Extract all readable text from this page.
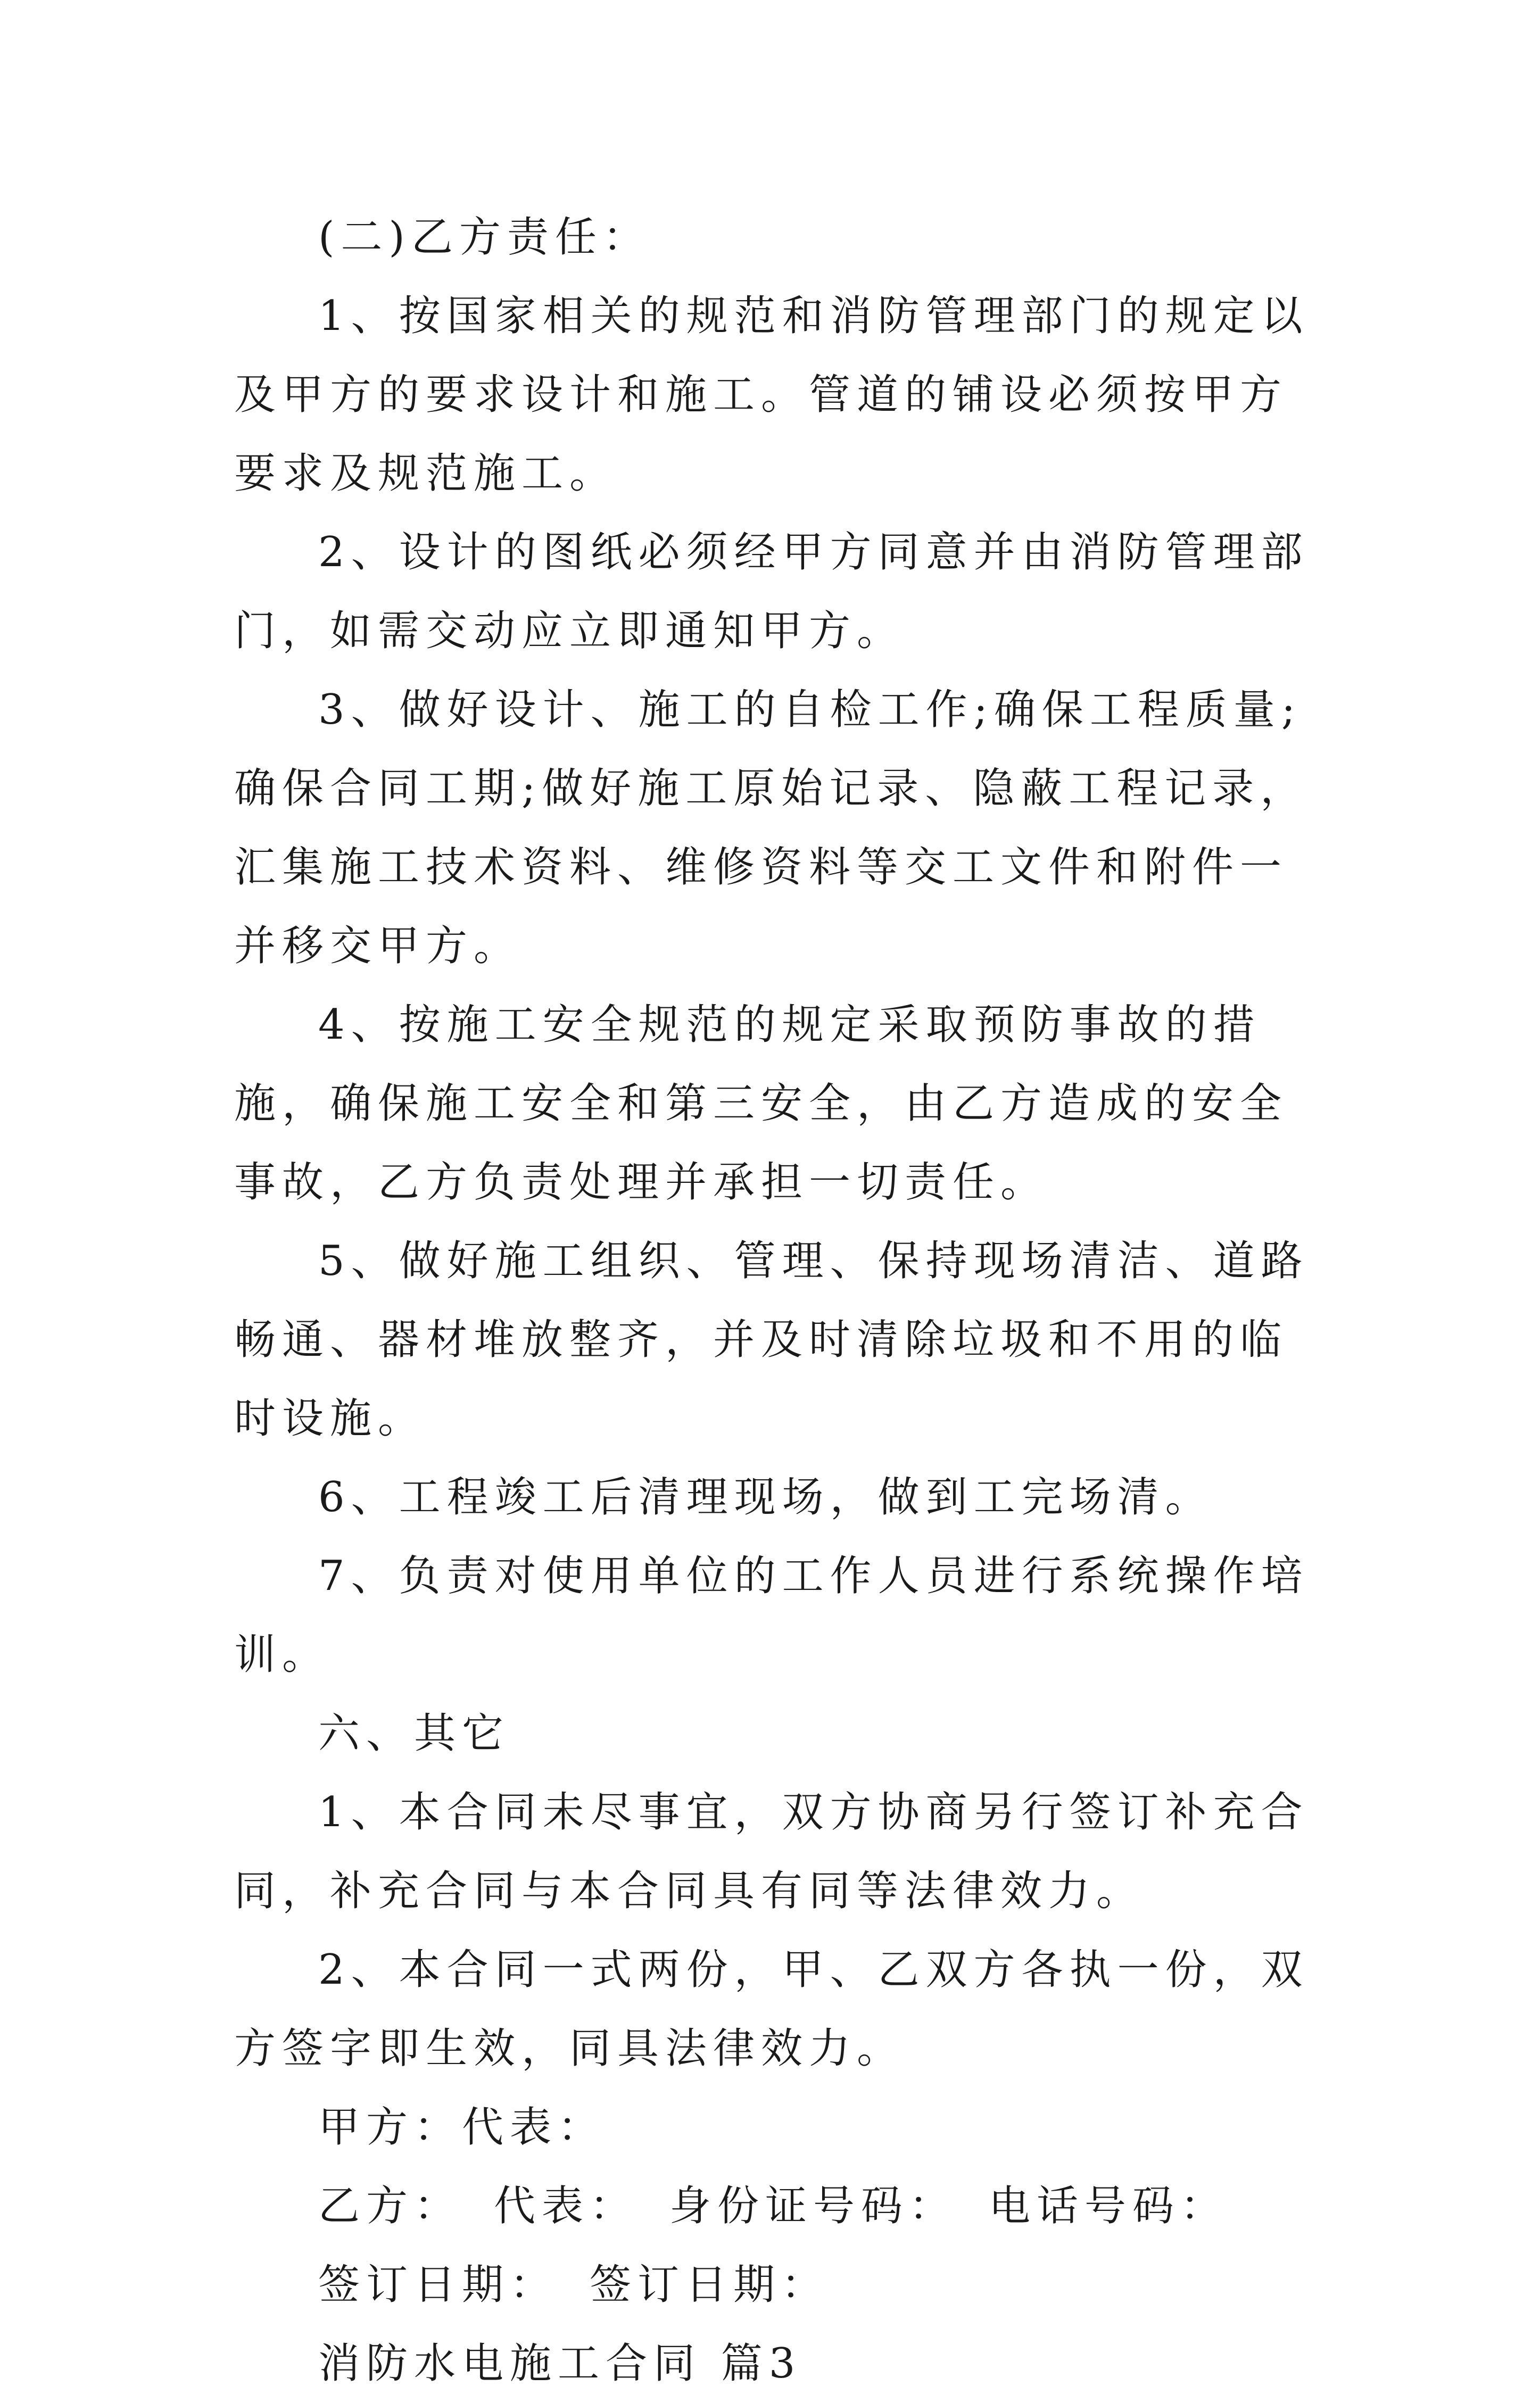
(二)乙方责任：

1、按国家相关的规范和消防管理部门的规定以及甲方的要求设计和施工。管道的铺设必须按甲方要求及规范施工。

2、设计的图纸必须经甲方同意并由消防管理部门，如需交动应立即通知甲方。

3、做好设计、施工的自检工作;确保工程质量;确保合同工期;做好施工原始记录、隐蔽工程记录，汇集施工技术资料、维修资料等交工文件和附件一并移交甲方。

4、按施工安全规范的规定采取预防事故的措施，确保施工安全和第三安全，由乙方造成的安全事故，乙方负责处理并承担一切责任。

5、做好施工组织、管理、保持现场清洁、道路畅通、器材堆放整齐，并及时清除垃圾和不用的临时设施。

6、工程竣工后清理现场，做到工完场清。

7、负责对使用单位的工作人员进行系统操作培训。

六、其它

1、本合同未尽事宜，双方协商另行签订补充合同，补充合同与本合同具有同等法律效力。

2、本合同一式两份，甲、乙双方各执一份，双方签字即生效，同具法律效力。

甲方： 代表：
乙方： 代表： 身份证号码： 电话号码：
签订日期： 签订日期：

消防水电施工合同 篇3
